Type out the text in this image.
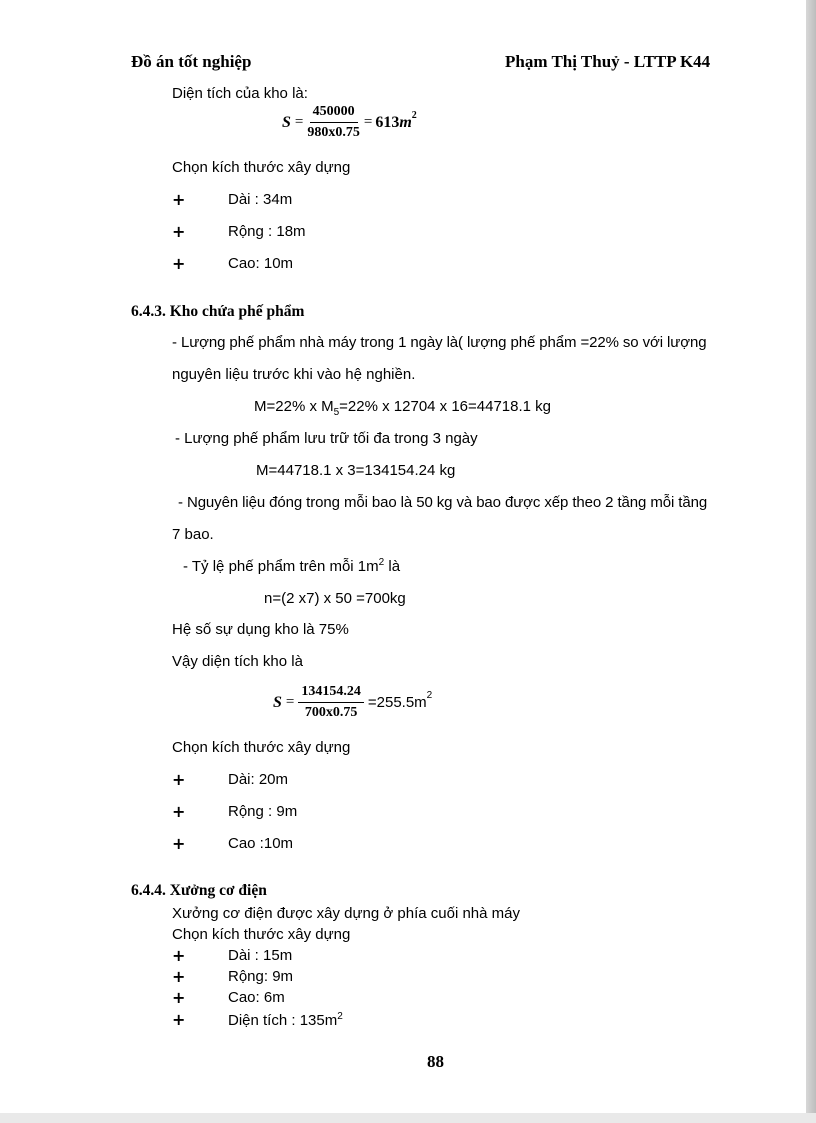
Đồ án tốt nghiệp	Phạm Thị Thuỷ - LTTP K44
Diện tích của kho là:
$S = \frac{450000}{980x0.75} = 613$ $m^2$
Chọn kích thước xây dựng
+	Dài : 34m
+	Rộng : 18m
+	Cao: 10m
6.4.3. Kho chứa phế phẩm
- Lượng phế phẩm nhà máy trong 1 ngày là( lượng phế phẩm =22% so với lượng
nguyên liệu trước khi vào hệ nghiền.
M=22% x $M_5=22\%$ x 12704 x 16=44718.1 kg
- Lượng phế phẩm lưu trữ tối đa trong 3 ngày
M=44718.1 x 3=134154.24 kg
- Nguyên liệu đóng trong mỗi bao là 50 kg và bao được xếp theo 2 tầng mỗi tầng
7 bao.
- Tỷ lệ phế phẩm trên mỗi $1m^2$ là
n=(2 x7) x 50 =700kg
Hệ số sự dụng kho là 75%
Vậy diện tích kho là
$S = \frac{134154.24}{700x0.75} =255.5m^2$
Chọn kích thước xây dựng
+	Dài: 20m
+	Rộng : 9m
+	Cao :10m
6.4.4. Xưởng cơ điện
Xưởng cơ điện được xây dựng ở phía cuối nhà máy
Chọn kích thước xây dựng
+	Dài : 15m
+	Rộng: 9m
+	Cao: 6m
+	Diện tích : $135m^2$
88
